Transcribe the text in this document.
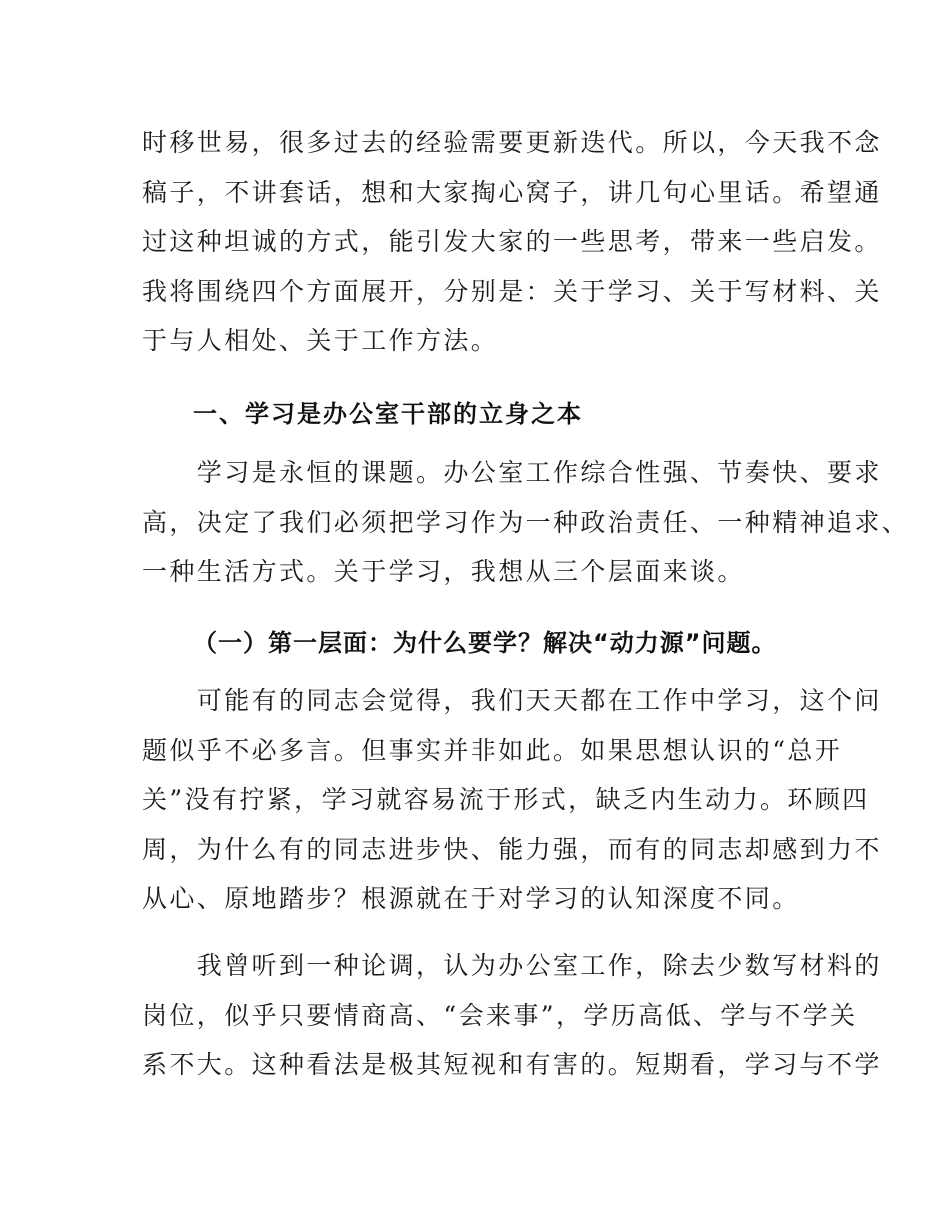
时移世易，很多过去的经验需要更新迭代。所以，今天我不念
稿子，不讲套话，想和大家掏心窝子，讲几句心里话。希望通
过这种坦诚的方式，能引发大家的一些思考，带来一些启发。
我将围绕四个方面展开，分别是：关于学习、关于写材料、关
于与人相处、关于工作方法。
一、学习是办公室干部的立身之本
　　学习是永恒的课题。办公室工作综合性强、节奏快、要求
高，决定了我们必须把学习作为一种政治责任、一种精神追求、
一种生活方式。关于学习，我想从三个层面来谈。
（一）第一层面：为什么要学？解决“动力源”问题。
　　可能有的同志会觉得，我们天天都在工作中学习，这个问
题似乎不必多言。但事实并非如此。如果思想认识的“总开
关”没有拧紧，学习就容易流于形式，缺乏内生动力。环顾四
周，为什么有的同志进步快、能力强，而有的同志却感到力不
从心、原地踏步？根源就在于对学习的认知深度不同。
　　我曾听到一种论调，认为办公室工作，除去少数写材料的
岗位，似乎只要情商高、“会来事”，学历高低、学与不学关
系不大。这种看法是极其短视和有害的。短期看，学习与不学
